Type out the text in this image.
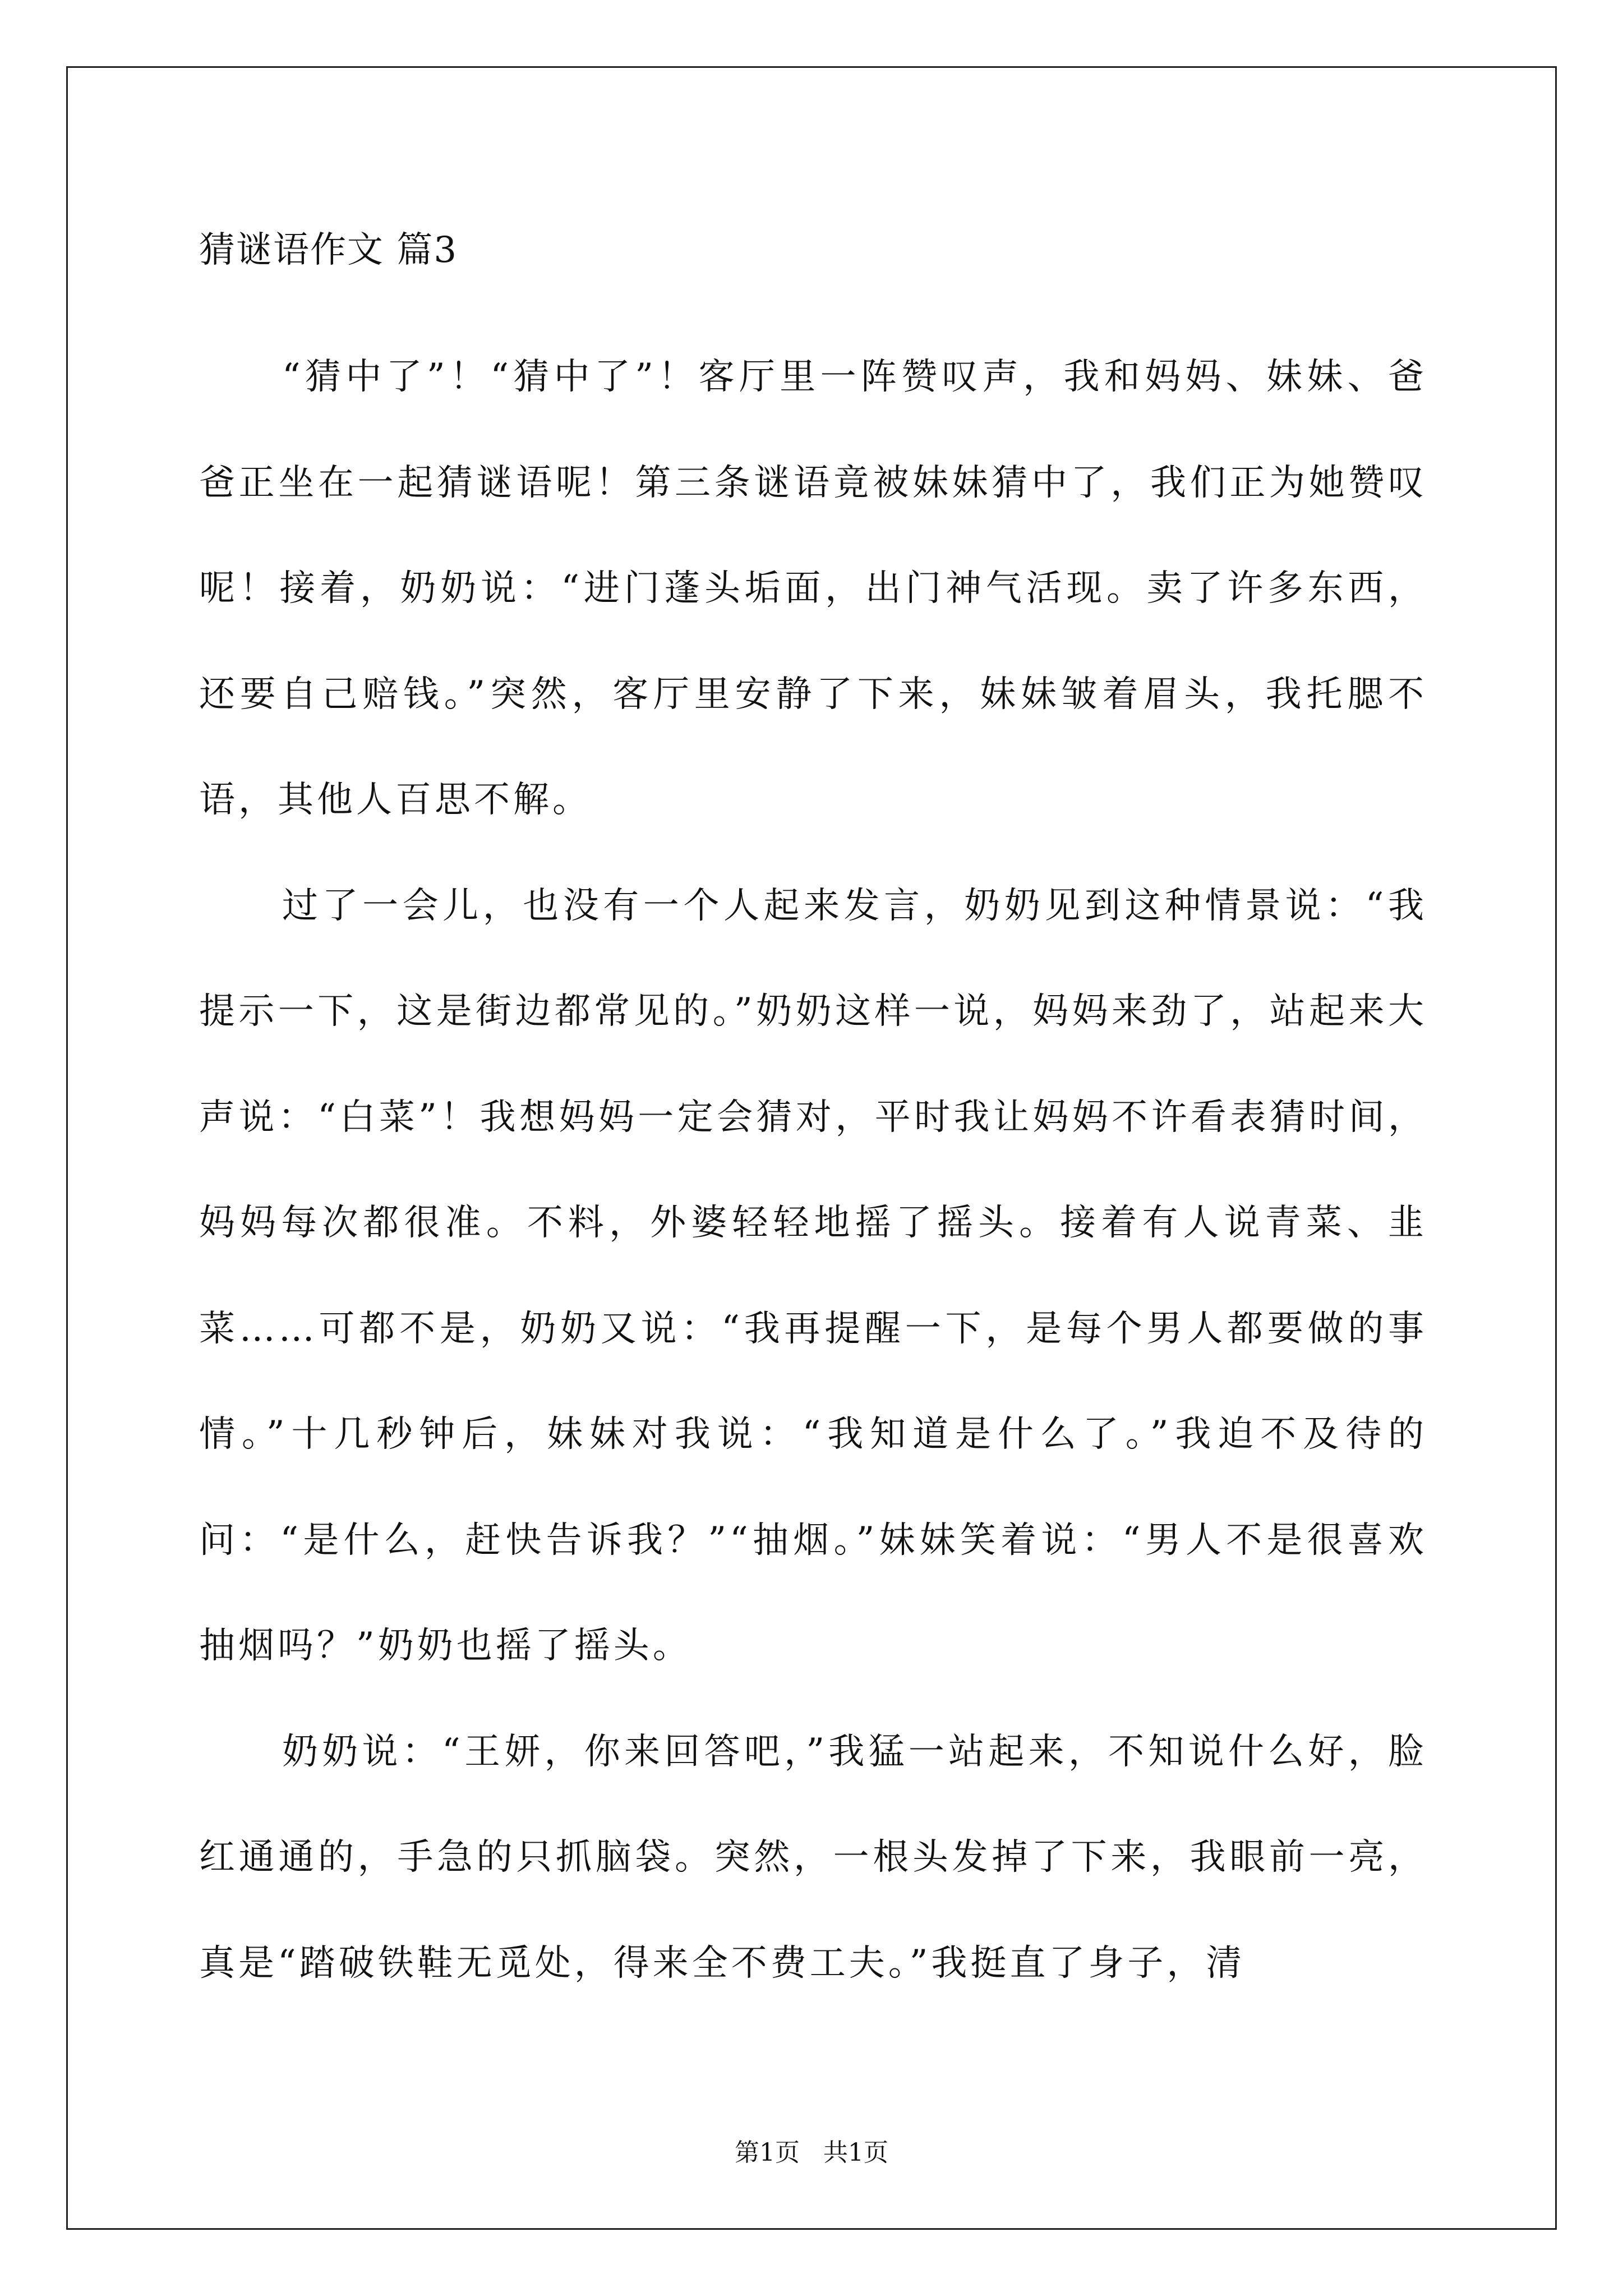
猜谜语作文 篇3

“猜中了”！“猜中了”！客厅里一阵赞叹声，我和妈妈、妹妹、爸爸正坐在一起猜谜语呢！第三条谜语竟被妹妹猜中了，我们正为她赞叹呢！接着，奶奶说：“进门蓬头垢面，出门神气活现。卖了许多东西，还要自己赔钱。”突然，客厅里安静了下来，妹妹皱着眉头，我托腮不语，其他人百思不解。

过了一会儿，也没有一个人起来发言，奶奶见到这种情景说：“我提示一下，这是街边都常见的。”奶奶这样一说，妈妈来劲了，站起来大声说：“白菜”！我想妈妈一定会猜对，平时我让妈妈不许看表猜时间，妈妈每次都很准。不料，外婆轻轻地摇了摇头。接着有人说青菜、韭菜……可都不是，奶奶又说：“我再提醒一下，是每个男人都要做的事情。”十几秒钟后，妹妹对我说：“我知道是什么了。”我迫不及待的问：“是什么，赶快告诉我？”“抽烟。”妹妹笑着说：“男人不是很喜欢抽烟吗？”奶奶也摇了摇头。

奶奶说：“王妍，你来回答吧，”我猛一站起来，不知说什么好，脸红通通的，手急的只抓脑袋。突然，一根头发掉了下来，我眼前一亮，真是“踏破铁鞋无觅处，得来全不费工夫。”我挺直了身子，清

第1页   共1页
